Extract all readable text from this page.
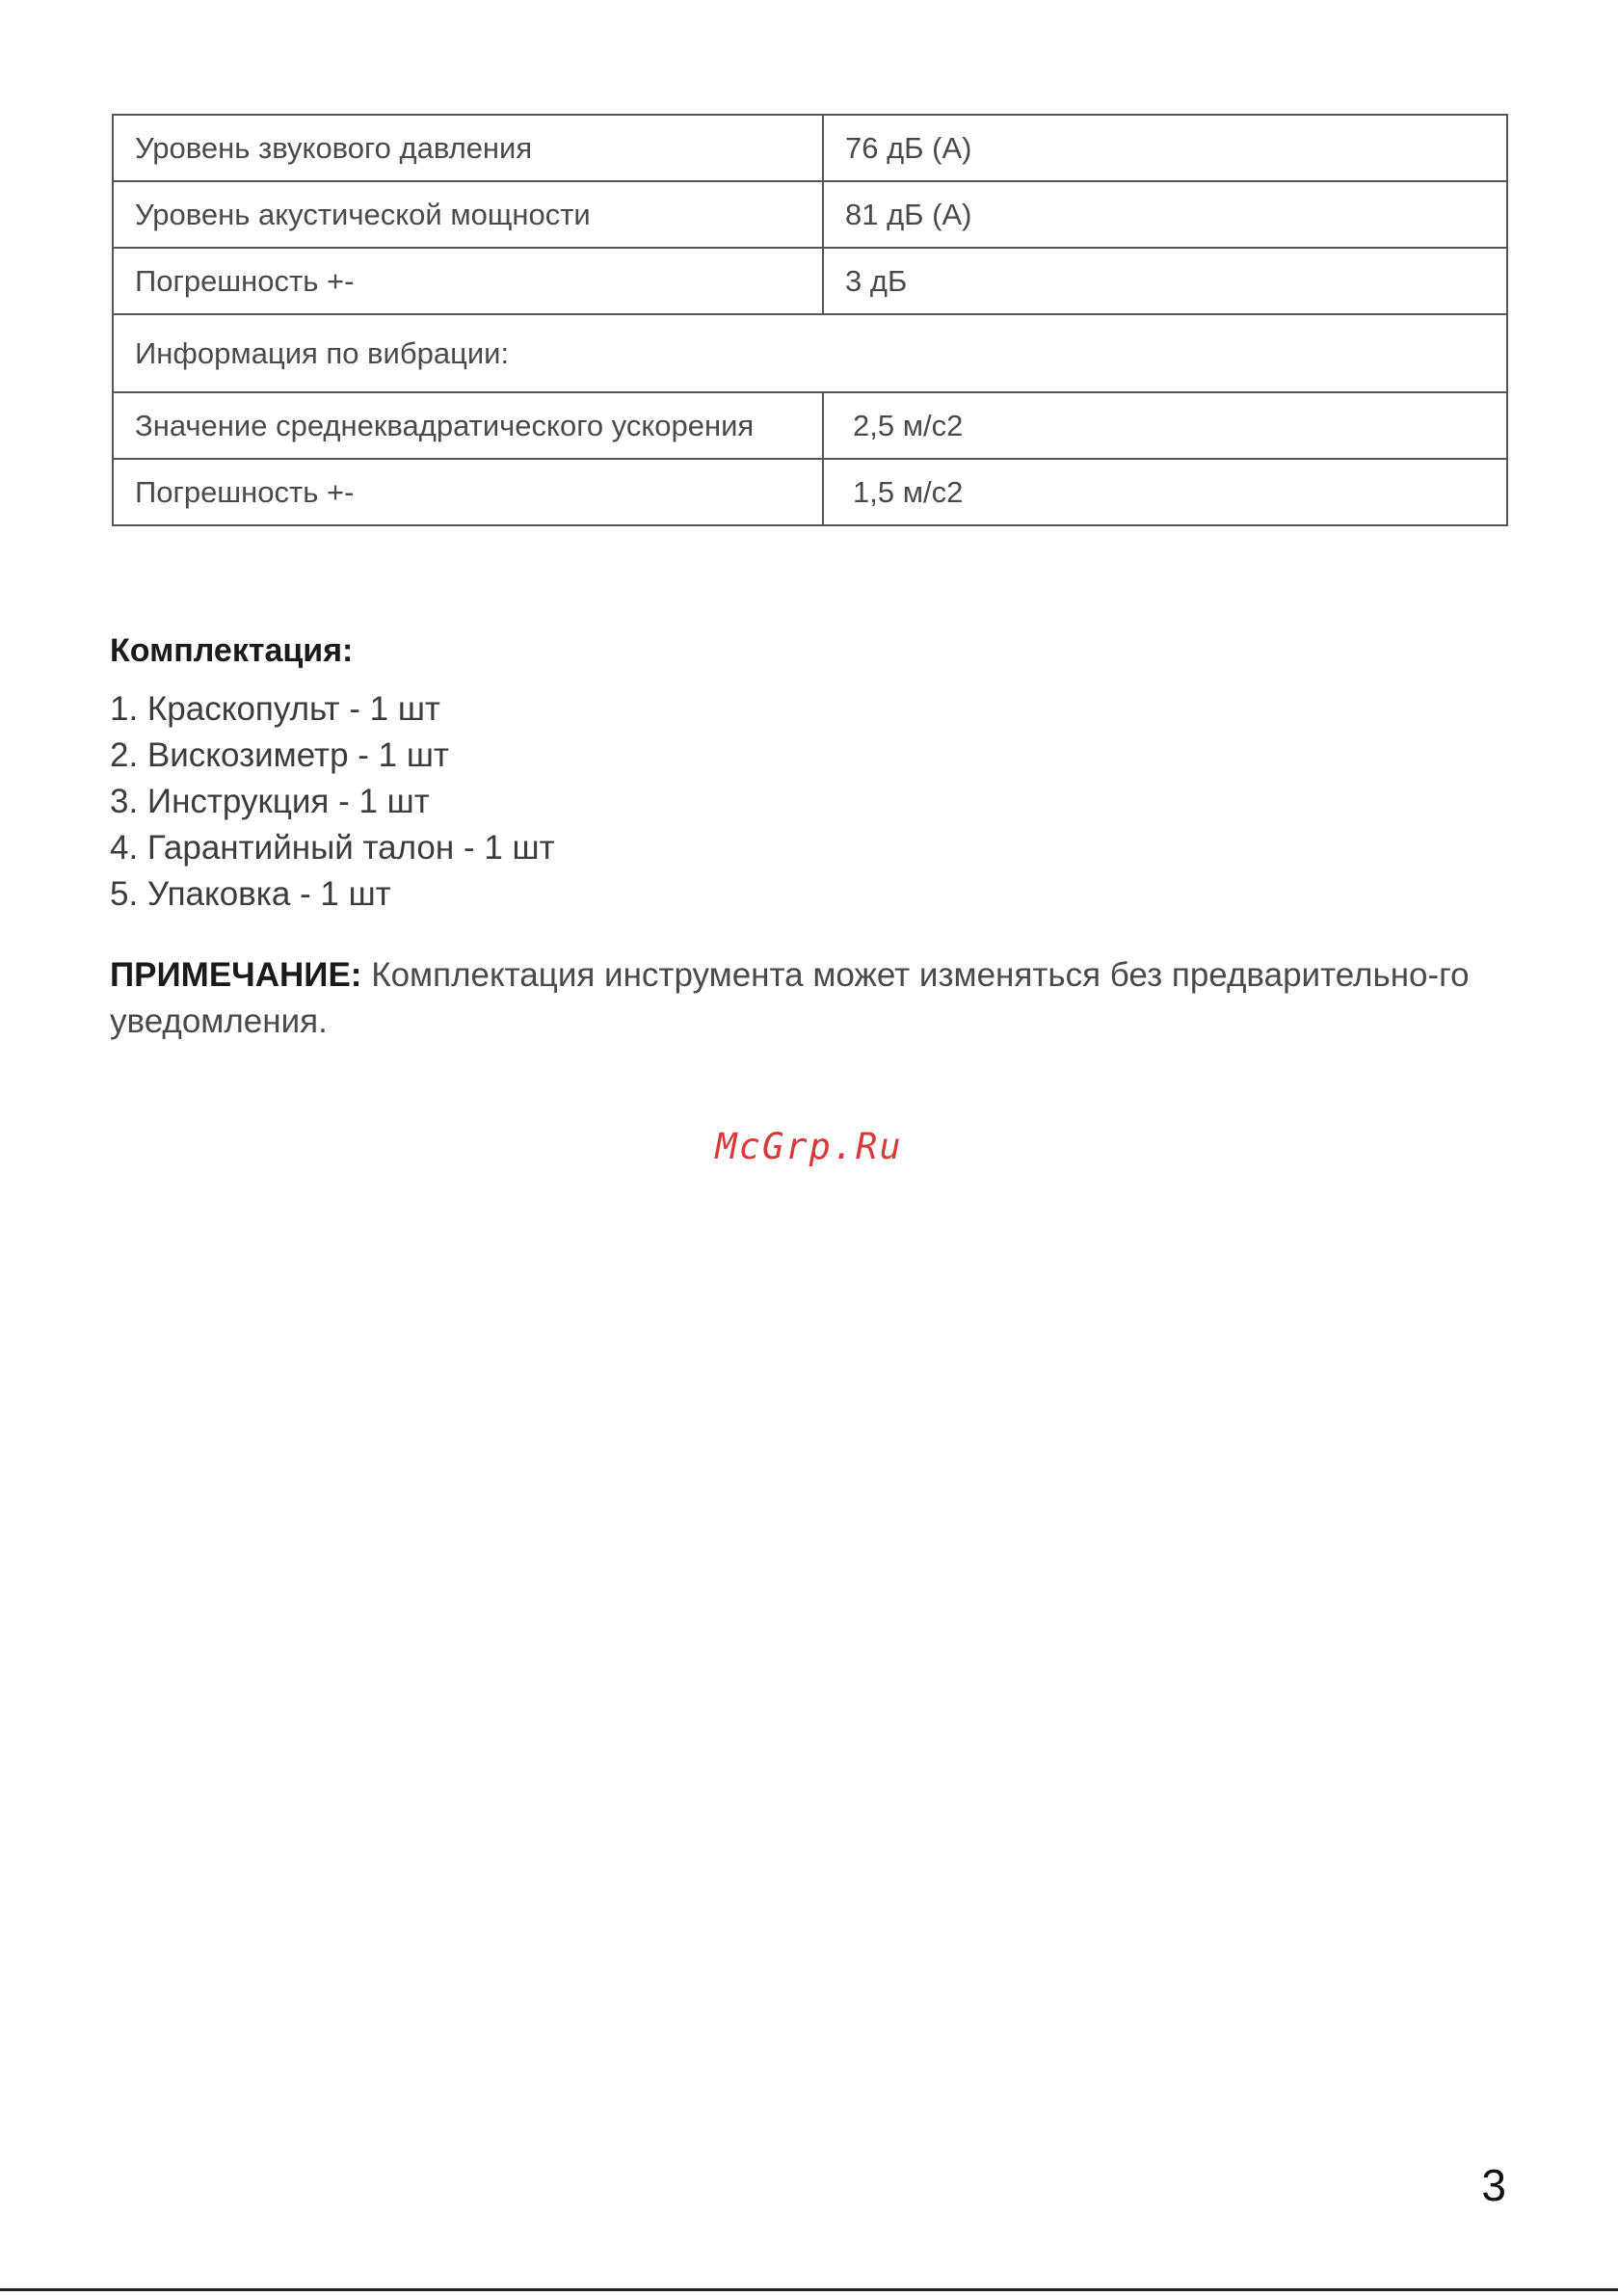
Уровень звукового давления	76 дБ (А)
Уровень акустической мощности	81 дБ (А)
Погрешность +-	3 дБ
Информация по вибрации:	
Значение среднеквадратического ускорения	2,5 м/с2
Погрешность +-	1,5 м/с2
Комплектация:
1. Краскопульт - 1 шт
2. Вискозиметр - 1 шт
3. Инструкция - 1 шт
4. Гарантийный талон - 1 шт
5. Упаковка - 1 шт

ПРИМЕЧАНИЕ: Комплектация инструмента может изменяться без предварительно-го уведомления.

McGrp.Ru
3
